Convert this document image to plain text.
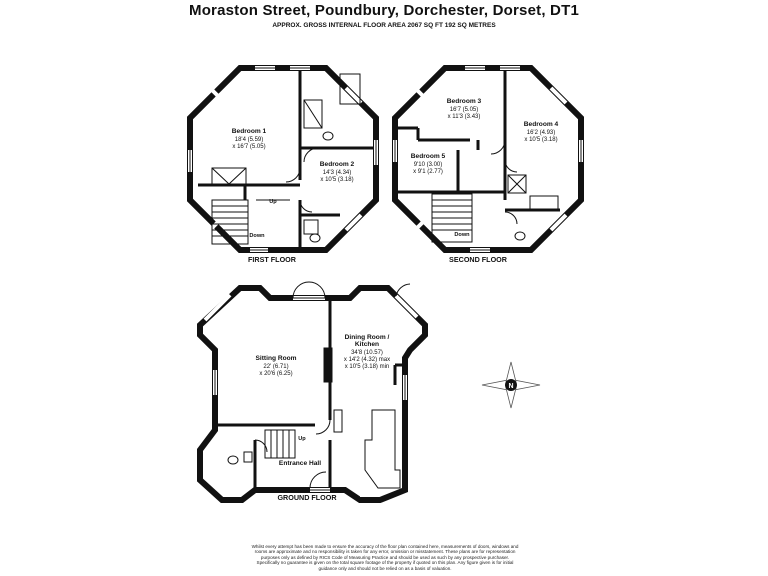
Moraston Street, Poundbury, Dorchester, Dorset, DT1
APPROX. GROSS INTERNAL FLOOR AREA 2067 SQ FT 192 SQ METRES
Bedroom 1
18'4 (5.59)
x 16'7 (5.05)
Bedroom 2
14'3 (4.34)
x 10'5 (3.18)
Up
Down
FIRST FLOOR
Bedroom 3
16'7 (5.05)
x 11'3 (3.43)
Bedroom 4
16'2 (4.93)
x 10'5 (3.18)
Bedroom 5
9'10 (3.00)
x 9'1 (2.77)
Down
SECOND FLOOR
Sitting Room
22' (6.71)
x 20'6 (6.25)
Dining Room /
Kitchen
34'8 (10.57)
x 14'2 (4.32) max
x 10'5 (3.18) min
Up
Entrance Hall
GROUND FLOOR
N
Whilst every attempt has been made to ensure the accuracy of the floor plan contained here, measurements of doors, windows and
rooms are approximate and no responsibility is taken for any error, omission or misstatement. These plans are for representation
purposes only as defined by RICS Code of Measuring Practice and should be used as such by any prospective purchaser.
Specifically no guarantee is given on the total square footage of the property if quoted on this plan. Any figure given is for initial
guidance only and should not be relied on as a basis of valuation.
